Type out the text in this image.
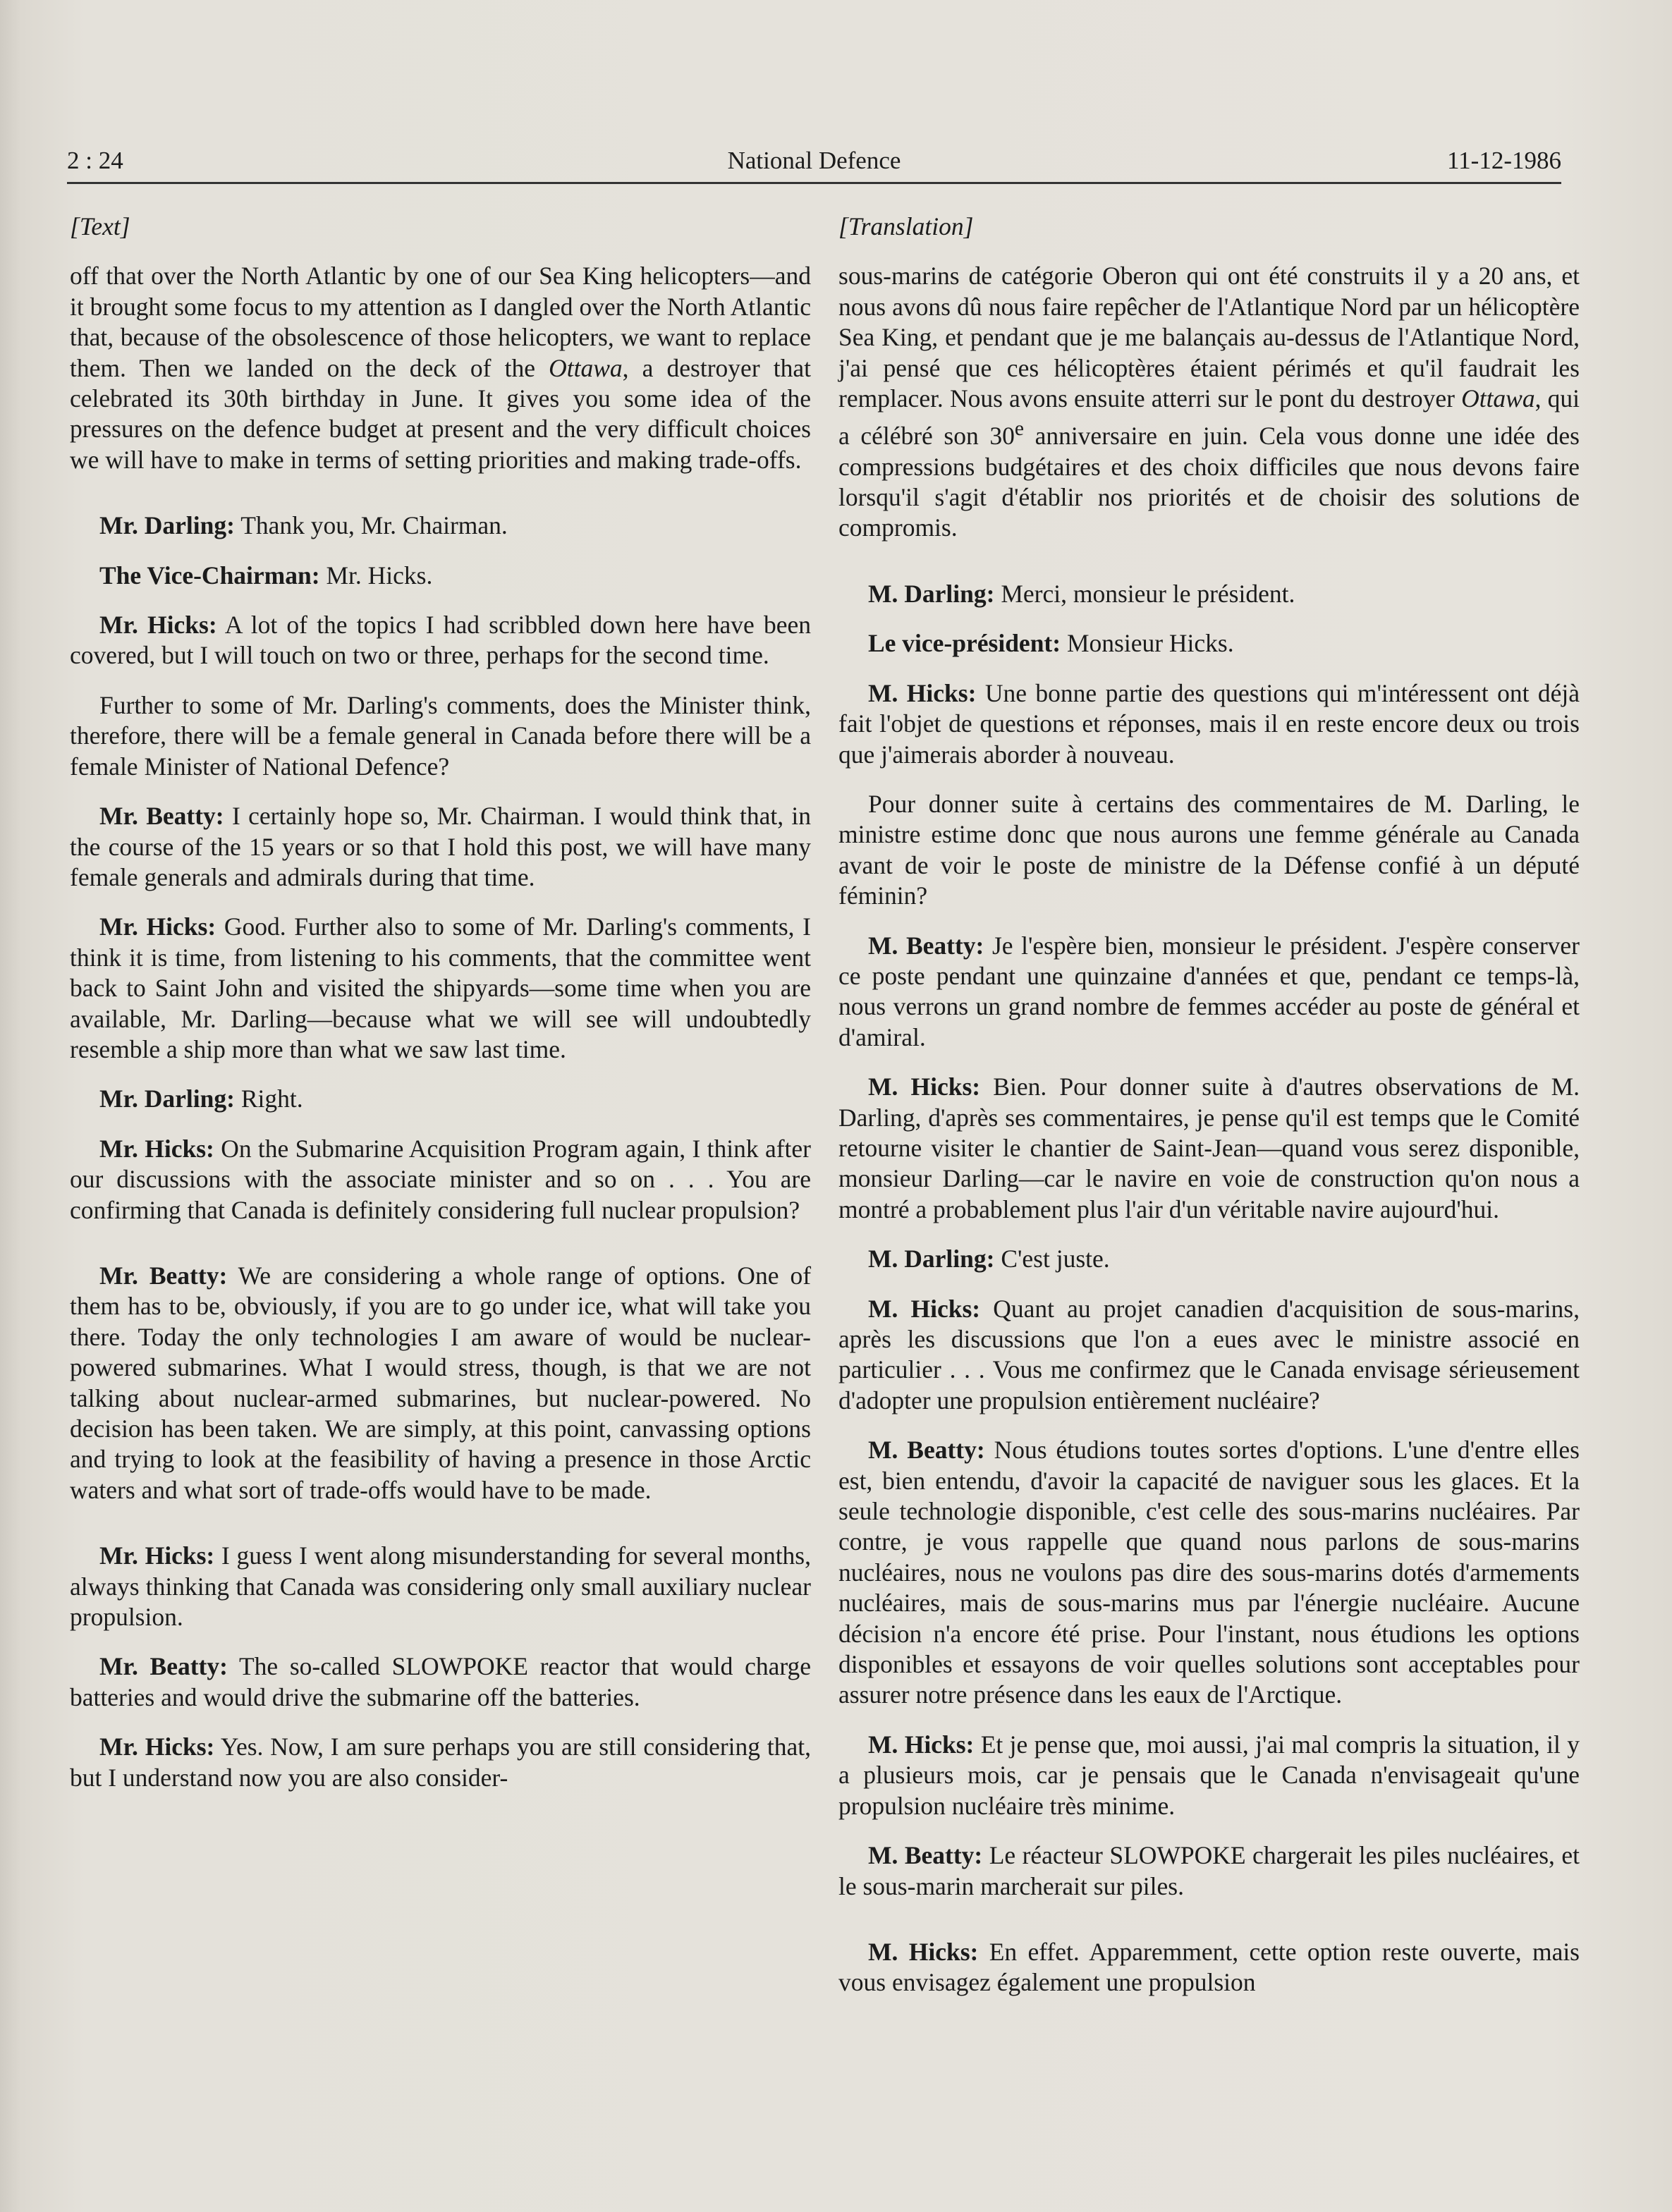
2 : 24	National Defence	11-12-1986

[Text]

off that over the North Atlantic by one of our Sea King helicopters—and it brought some focus to my attention as I dangled over the North Atlantic that, because of the obsolescence of those helicopters, we want to replace them. Then we landed on the deck of the Ottawa, a destroyer that celebrated its 30th birthday in June. It gives you some idea of the pressures on the defence budget at present and the very difficult choices we will have to make in terms of setting priorities and making trade-offs.

Mr. Darling: Thank you, Mr. Chairman.

The Vice-Chairman: Mr. Hicks.

Mr. Hicks: A lot of the topics I had scribbled down here have been covered, but I will touch on two or three, perhaps for the second time.

Further to some of Mr. Darling's comments, does the Minister think, therefore, there will be a female general in Canada before there will be a female Minister of National Defence?

Mr. Beatty: I certainly hope so, Mr. Chairman. I would think that, in the course of the 15 years or so that I hold this post, we will have many female generals and admirals during that time.

Mr. Hicks: Good. Further also to some of Mr. Darling's comments, I think it is time, from listening to his comments, that the committee went back to Saint John and visited the shipyards—some time when you are available, Mr. Darling—because what we will see will undoubtedly resemble a ship more than what we saw last time.

Mr. Darling: Right.

Mr. Hicks: On the Submarine Acquisition Program again, I think after our discussions with the associate minister and so on . . . You are confirming that Canada is definitely considering full nuclear propulsion?

Mr. Beatty: We are considering a whole range of options. One of them has to be, obviously, if you are to go under ice, what will take you there. Today the only technologies I am aware of would be nuclear-powered submarines. What I would stress, though, is that we are not talking about nuclear-armed submarines, but nuclear-powered. No decision has been taken. We are simply, at this point, canvassing options and trying to look at the feasibility of having a presence in those Arctic waters and what sort of trade-offs would have to be made.

Mr. Hicks: I guess I went along misunderstanding for several months, always thinking that Canada was considering only small auxiliary nuclear propulsion.

Mr. Beatty: The so-called SLOWPOKE reactor that would charge batteries and would drive the submarine off the batteries.

Mr. Hicks: Yes. Now, I am sure perhaps you are still considering that, but I understand now you are also consider-

[Translation]

sous-marins de catégorie Oberon qui ont été construits il y a 20 ans, et nous avons dû nous faire repêcher de l'Atlantique Nord par un hélicoptère Sea King, et pendant que je me balançais au-dessus de l'Atlantique Nord, j'ai pensé que ces hélicoptères étaient périmés et qu'il faudrait les remplacer. Nous avons ensuite atterri sur le pont du destroyer Ottawa, qui a célébré son 30e anniversaire en juin. Cela vous donne une idée des compressions budgétaires et des choix difficiles que nous devons faire lorsqu'il s'agit d'établir nos priorités et de choisir des solutions de compromis.

M. Darling: Merci, monsieur le président.

Le vice-président: Monsieur Hicks.

M. Hicks: Une bonne partie des questions qui m'intéressent ont déjà fait l'objet de questions et réponses, mais il en reste encore deux ou trois que j'aimerais aborder à nouveau.

Pour donner suite à certains des commentaires de M. Darling, le ministre estime donc que nous aurons une femme générale au Canada avant de voir le poste de ministre de la Défense confié à un député féminin?

M. Beatty: Je l'espère bien, monsieur le président. J'espère conserver ce poste pendant une quinzaine d'années et que, pendant ce temps-là, nous verrons un grand nombre de femmes accéder au poste de général et d'amiral.

M. Hicks: Bien. Pour donner suite à d'autres observations de M. Darling, d'après ses commentaires, je pense qu'il est temps que le Comité retourne visiter le chantier de Saint-Jean—quand vous serez disponible, monsieur Darling—car le navire en voie de construction qu'on nous a montré a probablement plus l'air d'un véritable navire aujourd'hui.

M. Darling: C'est juste.

M. Hicks: Quant au projet canadien d'acquisition de sous-marins, après les discussions que l'on a eues avec le ministre associé en particulier . . . Vous me confirmez que le Canada envisage sérieusement d'adopter une propulsion entièrement nucléaire?

M. Beatty: Nous étudions toutes sortes d'options. L'une d'entre elles est, bien entendu, d'avoir la capacité de naviguer sous les glaces. Et la seule technologie disponible, c'est celle des sous-marins nucléaires. Par contre, je vous rappelle que quand nous parlons de sous-marins nucléaires, nous ne voulons pas dire des sous-marins dotés d'armements nucléaires, mais de sous-marins mus par l'énergie nucléaire. Aucune décision n'a encore été prise. Pour l'instant, nous étudions les options disponibles et essayons de voir quelles solutions sont acceptables pour assurer notre présence dans les eaux de l'Arctique.

M. Hicks: Et je pense que, moi aussi, j'ai mal compris la situation, il y a plusieurs mois, car je pensais que le Canada n'envisageait qu'une propulsion nucléaire très minime.

M. Beatty: Le réacteur SLOWPOKE chargerait les piles nucléaires, et le sous-marin marcherait sur piles.

M. Hicks: En effet. Apparemment, cette option reste ouverte, mais vous envisagez également une propulsion
